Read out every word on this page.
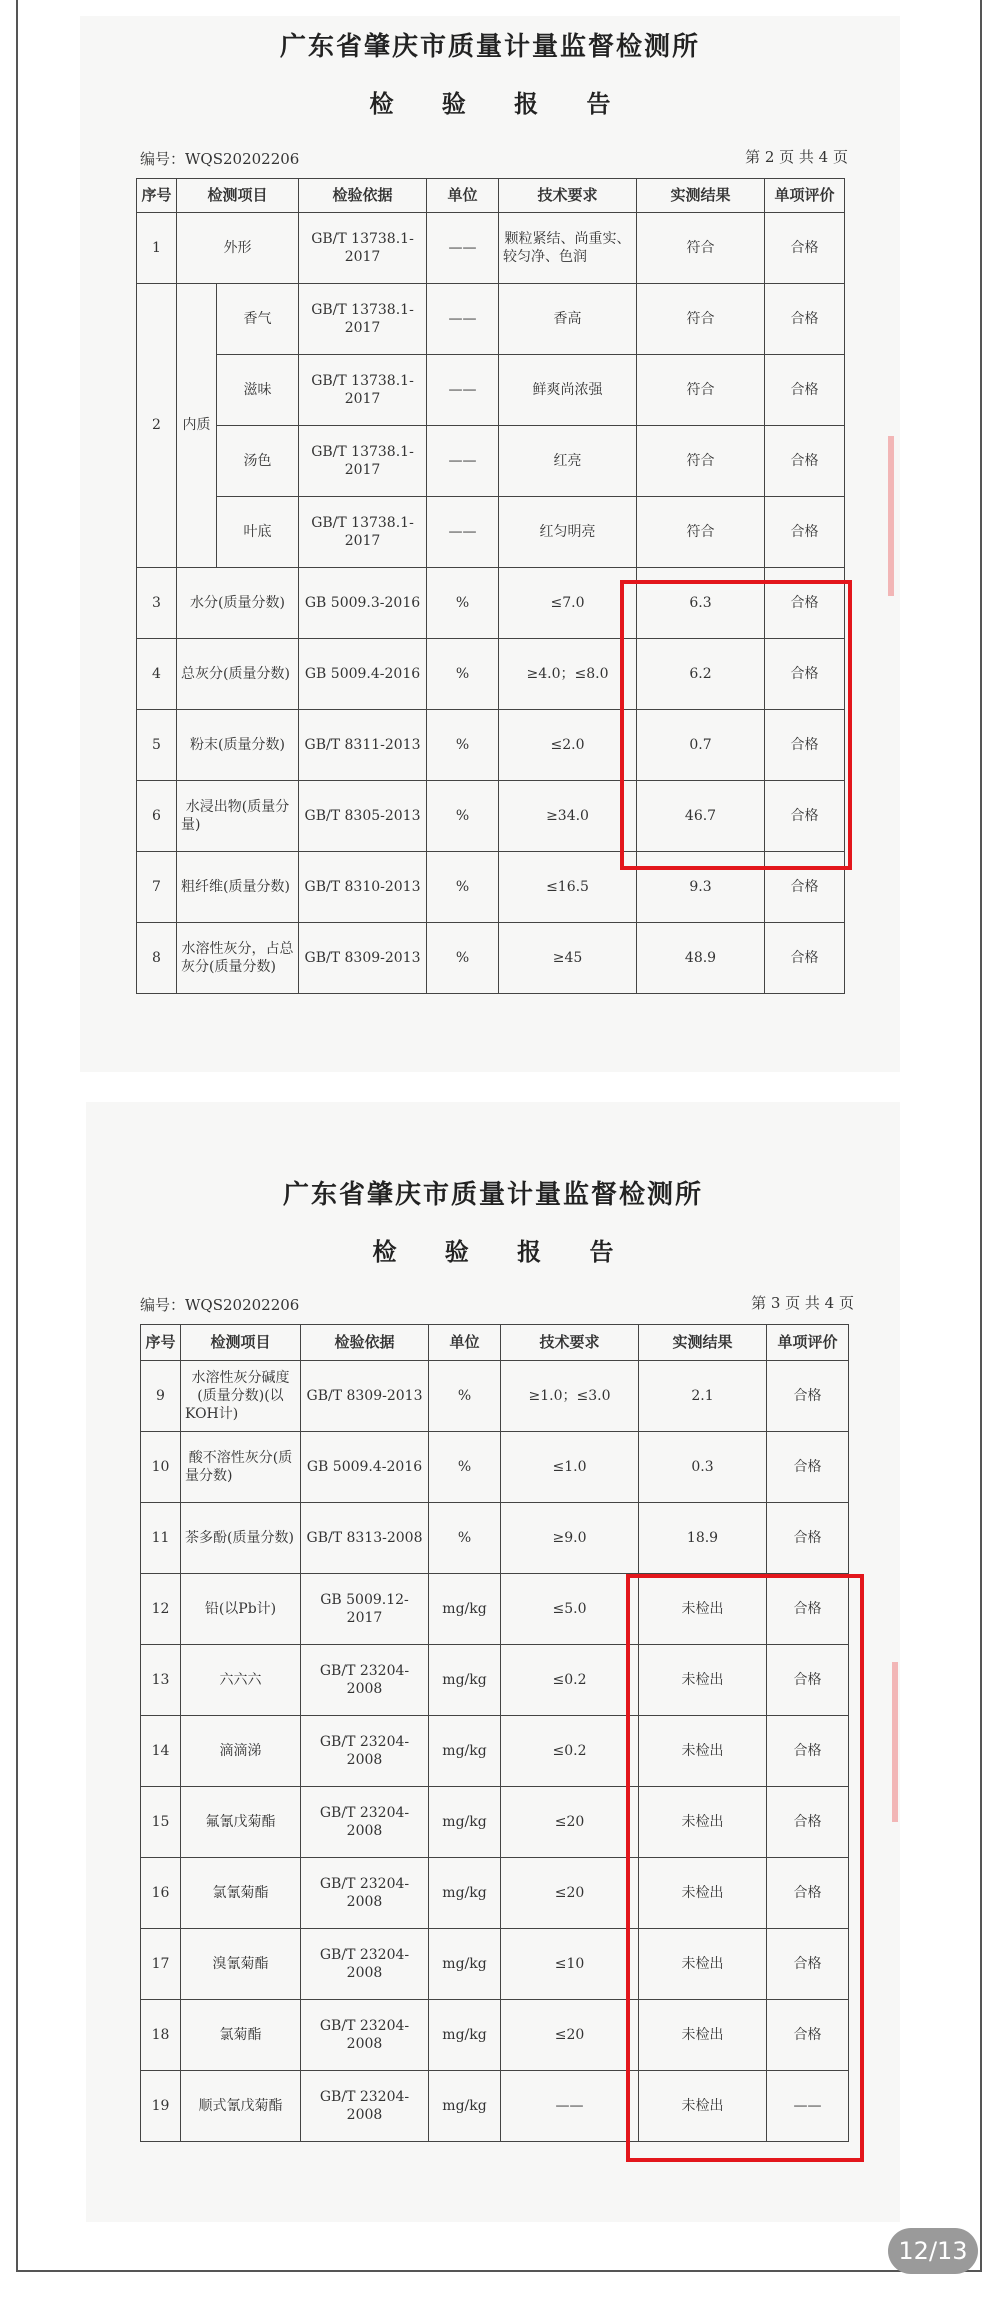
广东省肇庆市质量计量监督检测所
检 验 报 告
编号：WQS20202206	第 2 页 共 4 页
序号	检测项目		检验依据	单位	技术要求	实测结果	单项评价
1	外形		GB/T 13738.1-2017	——	颗粒紧结、尚重实、较匀净、色润	符合	合格
2	内质	香气	GB/T 13738.1-2017	——	香高	符合	合格
		滋味	GB/T 13738.1-2017	——	鲜爽尚浓强	符合	合格
		汤色	GB/T 13738.1-2017	——	红亮	符合	合格
		叶底	GB/T 13738.1-2017	——	红匀明亮	符合	合格
3	水分(质量分数)		GB 5009.3-2016	%	≤7.0	6.3	合格
4	总灰分(质量分数)		GB 5009.4-2016	%	≥4.0；≤8.0	6.2	合格
5	粉末(质量分数)		GB/T 8311-2013	%	≤2.0	0.7	合格
6	水浸出物(质量分量)		GB/T 8305-2013	%	≥34.0	46.7	合格
7	粗纤维(质量分数)		GB/T 8310-2013	%	≤16.5	9.3	合格
8	水溶性灰分，占总灰分(质量分数)		GB/T 8309-2013	%	≥45	48.9	合格
广东省肇庆市质量计量监督检测所
检 验 报 告
编号：WQS20202206	第 3 页 共 4 页
序号	检测项目	检验依据	单位	技术要求	实测结果	单项评价
9	水溶性灰分碱度(质量分数)(以KOH计)	GB/T 8309-2013	%	≥1.0；≤3.0	2.1	合格
10	酸不溶性灰分(质量分数)	GB 5009.4-2016	%	≤1.0	0.3	合格
11	茶多酚(质量分数)	GB/T 8313-2008	%	≥9.0	18.9	合格
12	铅(以Pb计)	GB 5009.12-2017	mg/kg	≤5.0	未检出	合格
13	六六六	GB/T 23204-2008	mg/kg	≤0.2	未检出	合格
14	滴滴涕	GB/T 23204-2008	mg/kg	≤0.2	未检出	合格
15	氟氰戊菊酯	GB/T 23204-2008	mg/kg	≤20	未检出	合格
16	氯氰菊酯	GB/T 23204-2008	mg/kg	≤20	未检出	合格
17	溴氰菊酯	GB/T 23204-2008	mg/kg	≤10	未检出	合格
18	氯菊酯	GB/T 23204-2008	mg/kg	≤20	未检出	合格
19	顺式氰戊菊酯	GB/T 23204-2008	mg/kg	——	未检出	——
12/13
